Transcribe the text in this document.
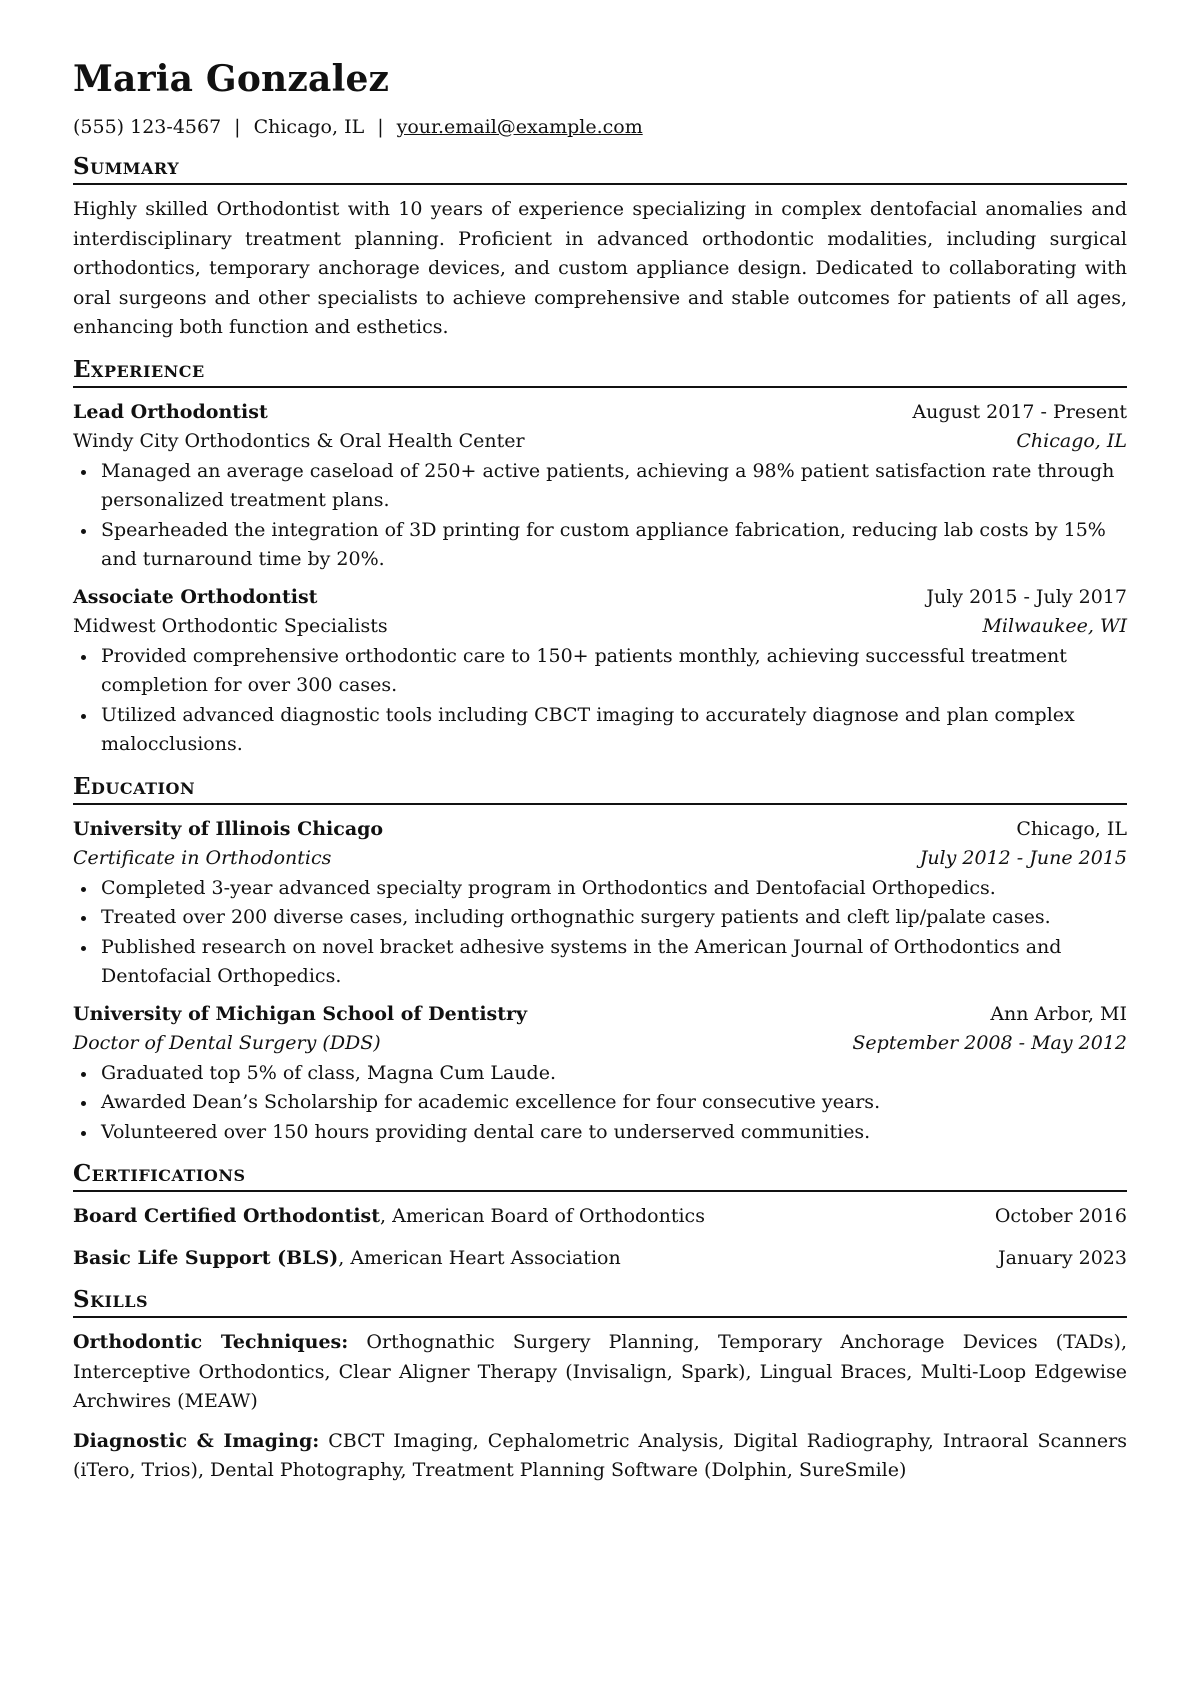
Maria Gonzalez
(555) 123-4567 | Chicago, IL | your.email@example.com
Summary
Highly skilled Orthodontist with 10 years of experience specializing in complex dentofacial anomalies and interdisciplinary treatment planning. Proficient in advanced orthodontic modalities, including surgical orthodontics, temporary anchorage devices, and custom appliance design. Dedicated to collaborating with oral surgeons and other specialists to achieve comprehensive and stable outcomes for patients of all ages, enhancing both function and esthetics.
Experience
Lead Orthodontist	August 2017 - Present
Windy City Orthodontics & Oral Health Center	Chicago, IL
Managed an average caseload of 250+ active patients, achieving a 98% patient satisfaction rate through personalized treatment plans.
Spearheaded the integration of 3D printing for custom appliance fabrication, reducing lab costs by 15% and turnaround time by 20%.
Associate Orthodontist	July 2015 - July 2017
Midwest Orthodontic Specialists	Milwaukee, WI
Provided comprehensive orthodontic care to 150+ patients monthly, achieving successful treatment completion for over 300 cases.
Utilized advanced diagnostic tools including CBCT imaging to accurately diagnose and plan complex malocclusions.
Education
University of Illinois Chicago	Chicago, IL
Certificate in Orthodontics	July 2012 - June 2015
Completed 3-year advanced specialty program in Orthodontics and Dentofacial Orthopedics.
Treated over 200 diverse cases, including orthognathic surgery patients and cleft lip/palate cases.
Published research on novel bracket adhesive systems in the American Journal of Orthodontics and Dentofacial Orthopedics.
University of Michigan School of Dentistry	Ann Arbor, MI
Doctor of Dental Surgery (DDS)	September 2008 - May 2012
Graduated top 5% of class, Magna Cum Laude.
Awarded Dean’s Scholarship for academic excellence for four consecutive years.
Volunteered over 150 hours providing dental care to underserved communities.
Certifications
Board Certified Orthodontist, American Board of Orthodontics	October 2016
Basic Life Support (BLS), American Heart Association	January 2023
Skills
Orthodontic Techniques: Orthognathic Surgery Planning, Temporary Anchorage Devices (TADs), Interceptive Orthodontics, Clear Aligner Therapy (Invisalign, Spark), Lingual Braces, Multi-Loop Edgewise Archwires (MEAW)
Diagnostic & Imaging: CBCT Imaging, Cephalometric Analysis, Digital Radiography, Intraoral Scanners (iTero, Trios), Dental Photography, Treatment Planning Software (Dolphin, SureSmile)
